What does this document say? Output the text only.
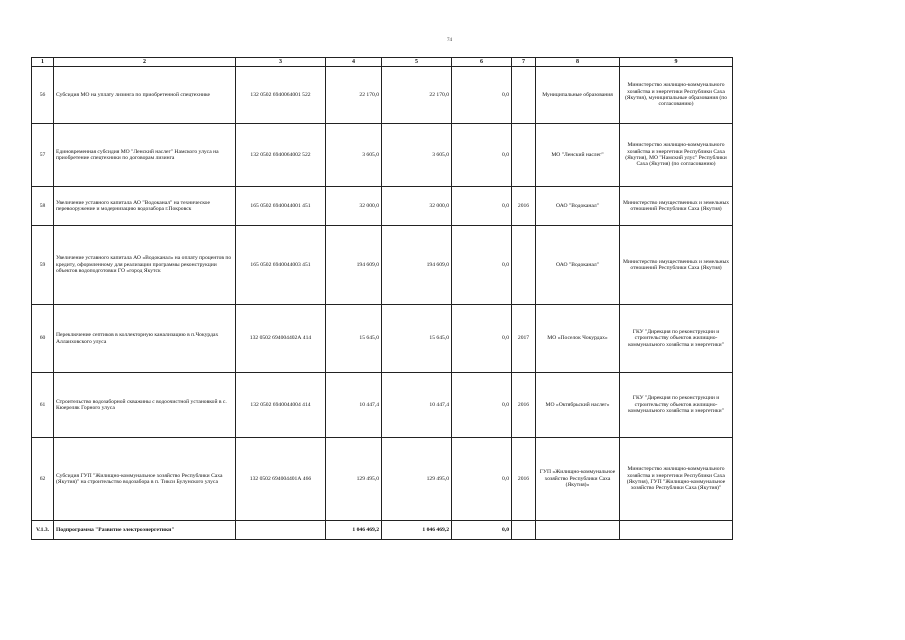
74
1	2	3	4	5	6	7	8	9
56	Субсидия МО на уплату лизинга по приобретенной спецтехнике	132 0502 6940064001 522	22 170,0	22 170,0	0,0		Муниципальные образования	Министерство жилищно-коммунального хозяйства и энергетики Республики Саха (Якутия), муниципальные образования (по согласованию)
57	Единовременная субсидия МО "Ленский наслег" Намского улуса на приобретение спецтехники по договорам лизинга	132 0502 6940064002 522	3 605,0	3 605,0	0,0		МО "Ленский наслег"	Министерство жилищно-коммунального хозяйства и энергетики Республики Саха (Якутия), МО "Намский улус" Республики Саха (Якутия) (по согласованию)
58	Увеличение уставного капитала АО "Водоканал" на техническое перевооружение и модернизацию водозабора г.Покровск	165 0502 6940044001 451	32 000,0	32 000,0	0,0	2016	ОАО "Водоканал"	Министерство имущественных и земельных отношений Республики Саха (Якутия)
59	Увеличение уставного капитала АО «Водоканал» на оплату процентов по кредиту, оформленному для реализации программы реконструкции объектов водоподготовки ГО «город Якутск	165 0502 6940044003 451	194 609,0	194 609,0	0,0		ОАО "Водоканал"	Министерство имущественных и земельных отношений Республики Саха (Якутия)
60	Переключение септиков в коллекторную канализацию в п.Чокурдах Аллаиховского улуса	132 0502 694004402А 414	15 645,0	15 645,0	0,0	2017	МО «Поселок Чокурдах»	ГКУ "Дирекция по реконструкции и строительству объектов жилищно-коммунального хозяйства и энергетики"
61	Строительство водозаборной скважины с водоочистной установкой в с. Кюереляк Горного улуса	132 0502 6940044004 414	10 447,4	10 447,4	0,0	2016	МО «Октябрьский наслег»	ГКУ "Дирекция по реконструкции и строительству объектов жилищно-коммунального хозяйства и энергетики"
62	Субсидия ГУП "Жилищно-коммунальное хозяйство Республики Саха (Якутия)" на строительство водозабора в п. Тикси Булунского улуса	132 0502 694004401А 466	129 495,0	129 495,0	0,0	2016	ГУП «Жилищно-коммунальное хозяйство Республики Саха (Якутия)»	Министерство жилищно-коммунального хозяйства и энергетики Республики Саха (Якутия), ГУП "Жилищно-коммунальное хозяйство Республики Саха (Якутия)"
V.1.3.	Подпрограмма "Развитие электроэнергетики"		1 046 469,2	1 046 469,2	0,0			
